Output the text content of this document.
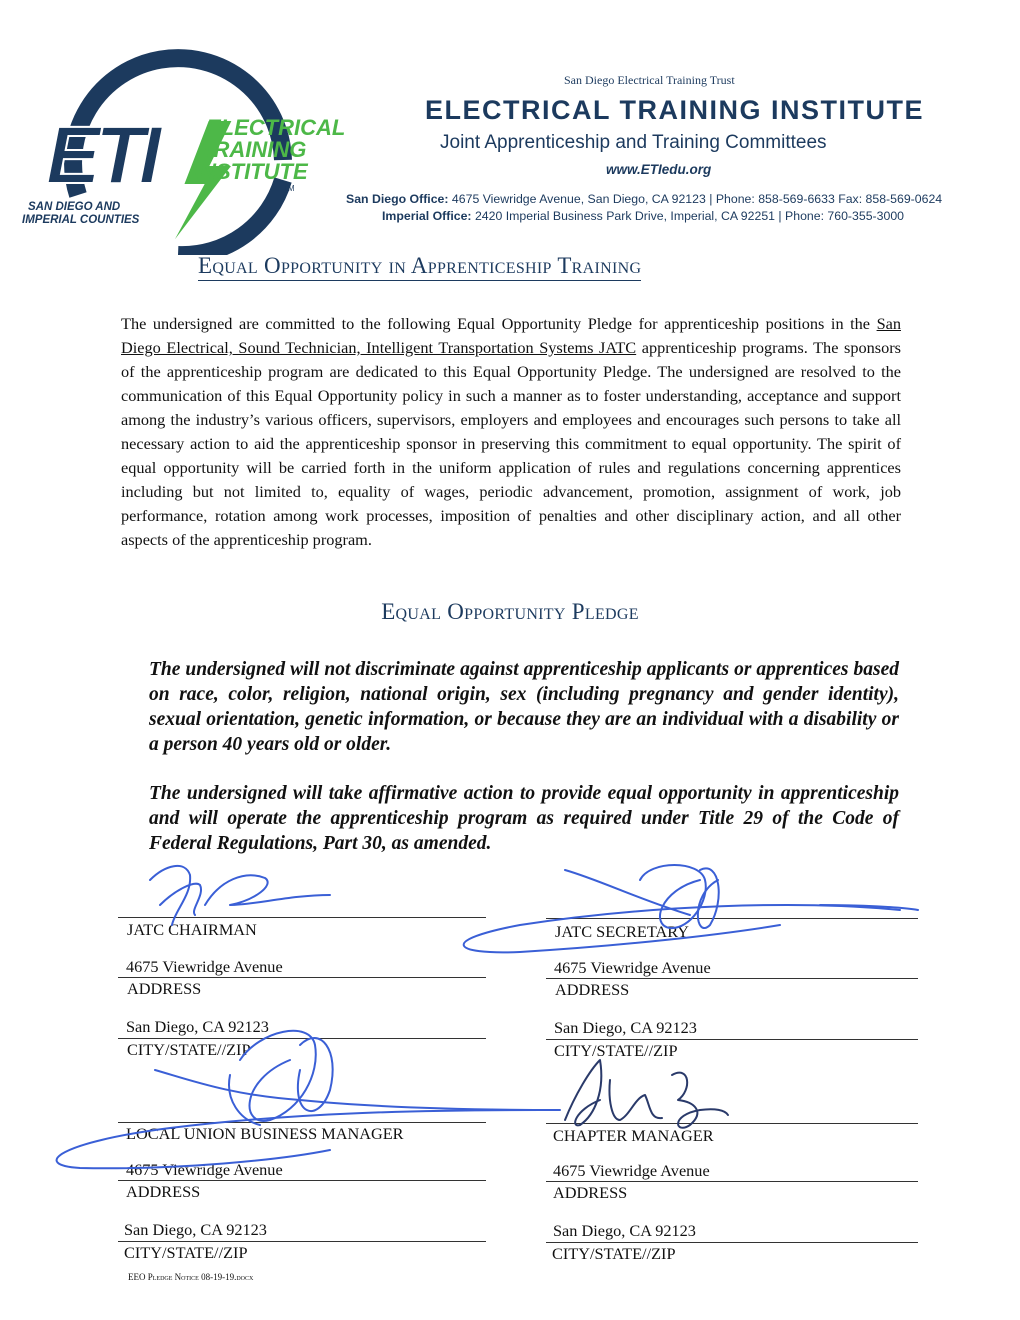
ETI	ELECTRICAL
TRAINING
INSTITUTE
TM
SAN DIEGO AND
IMPERIAL COUNTIES
San Diego Electrical Training Trust
ELECTRICAL TRAINING INSTITUTE
Joint Apprenticeship and Training Committees
www.ETIedu.org
San Diego Office: 4675 Viewridge Avenue, San Diego, CA 92123 | Phone: 858-569-6633 Fax: 858-569-0624
Imperial Office: 2420 Imperial Business Park Drive, Imperial, CA 92251 | Phone: 760-355-3000
Equal Opportunity in Apprenticeship Training
The undersigned are committed to the following Equal Opportunity Pledge for apprenticeship positions in the San Diego Electrical, Sound Technician, Intelligent Transportation Systems JATC apprenticeship programs. The sponsors of the apprenticeship program are dedicated to this Equal Opportunity Pledge. The undersigned are resolved to the communication of this Equal Opportunity policy in such a manner as to foster understanding, acceptance and support among the industry’s various officers, supervisors, employers and employees and encourages such persons to take all necessary action to aid the apprenticeship sponsor in preserving this commitment to equal opportunity. The spirit of equal opportunity will be carried forth in the uniform application of rules and regulations concerning apprentices including but not limited to, equality of wages, periodic advancement, promotion, assignment of work, job performance, rotation among work processes, imposition of penalties and other disciplinary action, and all other aspects of the apprenticeship program.
Equal Opportunity Pledge
The undersigned will not discriminate against apprenticeship applicants or apprentices based on race, color, religion, national origin, sex (including pregnancy and gender identity), sexual orientation, genetic information, or because they are an individual with a disability or a person 40 years old or older.
The undersigned will take affirmative action to provide equal opportunity in apprenticeship and will operate the apprenticeship program as required under Title 29 of the Code of Federal Regulations, Part 30, as amended.
JATC CHAIRMAN
4675 Viewridge Avenue
ADDRESS
San Diego, CA 92123
CITY/STATE//ZIP
LOCAL UNION BUSINESS MANAGER
4675 Viewridge Avenue
ADDRESS
San Diego, CA 92123
CITY/STATE//ZIP
JATC SECRETARY
4675 Viewridge Avenue
ADDRESS
San Diego, CA 92123
CITY/STATE//ZIP
CHAPTER MANAGER
4675 Viewridge Avenue
ADDRESS
San Diego, CA 92123
CITY/STATE//ZIP
EEO Pledge Notice 08-19-19.docx
